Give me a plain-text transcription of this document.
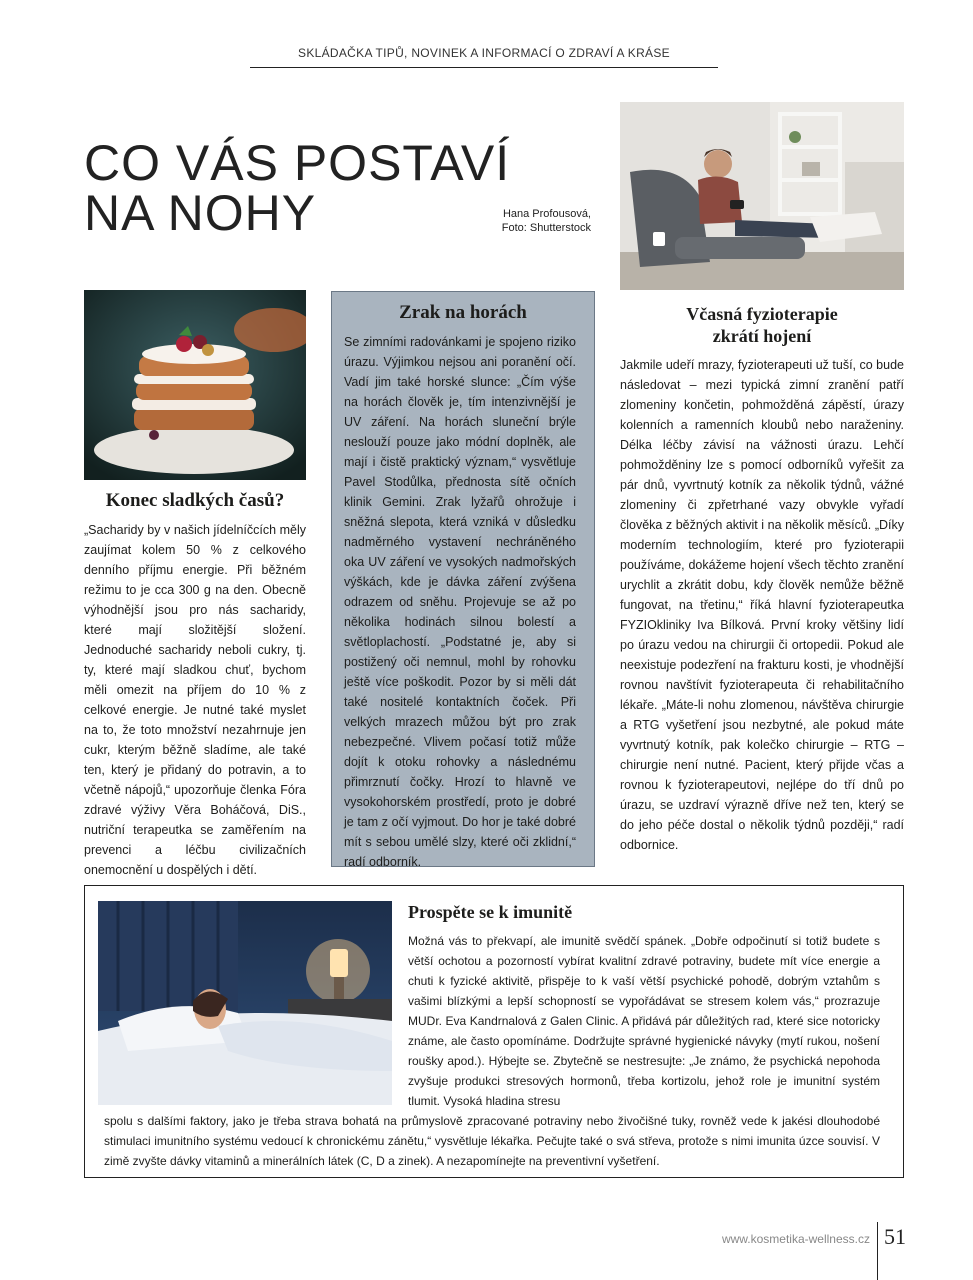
SKLÁDAČKA TIPŮ, NOVINEK A INFORMACÍ O ZDRAVÍ A KRÁSE
CO VÁS POSTAVÍ
NA NOHY	Hana Profousová,
Foto: Shutterstock
Zrak na horách
Se zimními radovánkami je spojeno riziko úrazu. Výjimkou nejsou ani poranění očí. Vadí jim také horské slunce: „Čím výše na horách člověk je, tím intenzivnější je UV záření. Na horách sluneční brýle neslouží pouze jako módní doplněk, ale mají i čistě praktický význam,“ vysvětluje Pavel Stodůlka, přednosta sítě očních klinik Gemini. Zrak lyžařů ohrožuje i sněžná slepota, která vzniká v důsledku nadměrného vystavení nechráněného oka UV záření ve vysokých nadmořských výškách, kde je dávka záření zvýšena odrazem od sněhu. Projevuje se až po několika hodinách silnou bolestí a světloplachostí. „Podstatné je, aby si postižený oči nemnul, mohl by rohovku ještě více poškodit. Pozor by si měli dát také nositelé kontaktních čoček. Při velkých mrazech můžou být pro zrak nebezpečné. Vlivem počasí totiž může dojít k otoku rohovky a následnému přimrznutí čočky. Hrozí to hlavně ve vysokohorském prostředí, proto je dobré je tam z očí vyjmout. Do hor je také dobré mít s sebou umělé slzy, které oči zklidní,“ radí odborník.
Konec sladkých časů?
„Sacharidy by v našich jídelníčcích měly zaujímat kolem 50 % z celkového denního příjmu energie. Při běžném režimu to je cca 300 g na den. Obecně výhodnější jsou pro nás sacharidy, které mají složitější složení. Jednoduché sacharidy neboli cukry, tj. ty, které mají sladkou chuť, bychom měli omezit na příjem do 10 % z celkové energie. Je nutné také myslet na to, že toto množství nezahrnuje jen cukr, kterým běžně sladíme, ale také ten, který je přidaný do potravin, a to včetně nápojů,“ upozorňuje členka Fóra zdravé výživy Věra Boháčová, DiS., nutriční terapeutka se zaměřením na prevenci a léčbu civilizačních onemocnění u dospělých i dětí.
Včasná fyzioterapie
zkrátí hojení
Jakmile udeří mrazy, fyzioterapeuti už tuší, co bude následovat – mezi typická zimní zranění patří zlomeniny končetin, pohmožděná zápěstí, úrazy kolenních a ramenních kloubů nebo naraženiny. Délka léčby závisí na vážnosti úrazu. Lehčí pohmožděniny lze s pomocí odborníků vyřešit za pár dnů, vyvrtnutý kotník za několik týdnů, vážné zlomeniny či zpřetrhané vazy obvykle vyřadí člověka z běžných aktivit i na několik měsíců. „Díky moderním technologiím, které pro fyzioterapii používáme, dokážeme hojení všech těchto zranění urychlit a zkrátit dobu, kdy člověk nemůže běžně fungovat, na třetinu,“ říká hlavní fyzioterapeutka FYZIOkliniky Iva Bílková. První kroky většiny lidí po úrazu vedou na chirurgii či ortopedii. Pokud ale neexistuje podezření na frakturu kosti, je vhodnější rovnou navštívit fyzioterapeuta či rehabilitačního lékaře. „Máte-li nohu zlomenou, návštěva chirurgie a RTG vyšetření jsou nezbytné, ale pokud máte vyvrtnutý kotník, pak kolečko chirurgie – RTG – chirurgie není nutné. Pacient, který přijde včas a rovnou k fyzioterapeutovi, nejlépe do tří dnů po úrazu, se uzdraví výrazně dříve než ten, který se do jeho péče dostal o několik týdnů později,“ radí odbornice.
Prospěte se k imunitě
Možná vás to překvapí, ale imunitě svědčí spánek. „Dobře odpočinutí si totiž budete s větší ochotou a pozorností vybírat kvalitní zdravé potraviny, budete mít více energie a chuti k fyzické aktivitě, přispěje to k vaší větší psychické pohodě, dobrým vztahům s vašimi blízkými a lepší schopností se vypořádávat se stresem kolem vás,“ prozrazuje MUDr. Eva Kandrnalová z Galen Clinic. A přidává pár důležitých rad, které sice notoricky známe, ale často opomínáme. Dodržujte správné hygienické návyky (mytí rukou, nošení roušky apod.). Hýbejte se. Zbytečně se nestresujte: „Je známo, že psychická nepohoda zvyšuje produkci stresových hormonů, třeba kortizolu, jehož role je imunitní systém tlumit. Vysoká hladina stresu
spolu s dalšími faktory, jako je třeba strava bohatá na průmyslově zpracované potraviny nebo živočišné tuky, rovněž vede k jakési dlouhodobé stimulaci imunitního systému vedoucí k chronickému zánětu,“ vysvětluje lékařka. Pečujte také o svá střeva, protože s nimi imunita úzce souvisí. V zimě zvyšte dávky vitaminů a minerálních látek (C, D a zinek). A nezapomínejte na preventivní vyšetření.
www.kosmetika-wellness.cz 51
